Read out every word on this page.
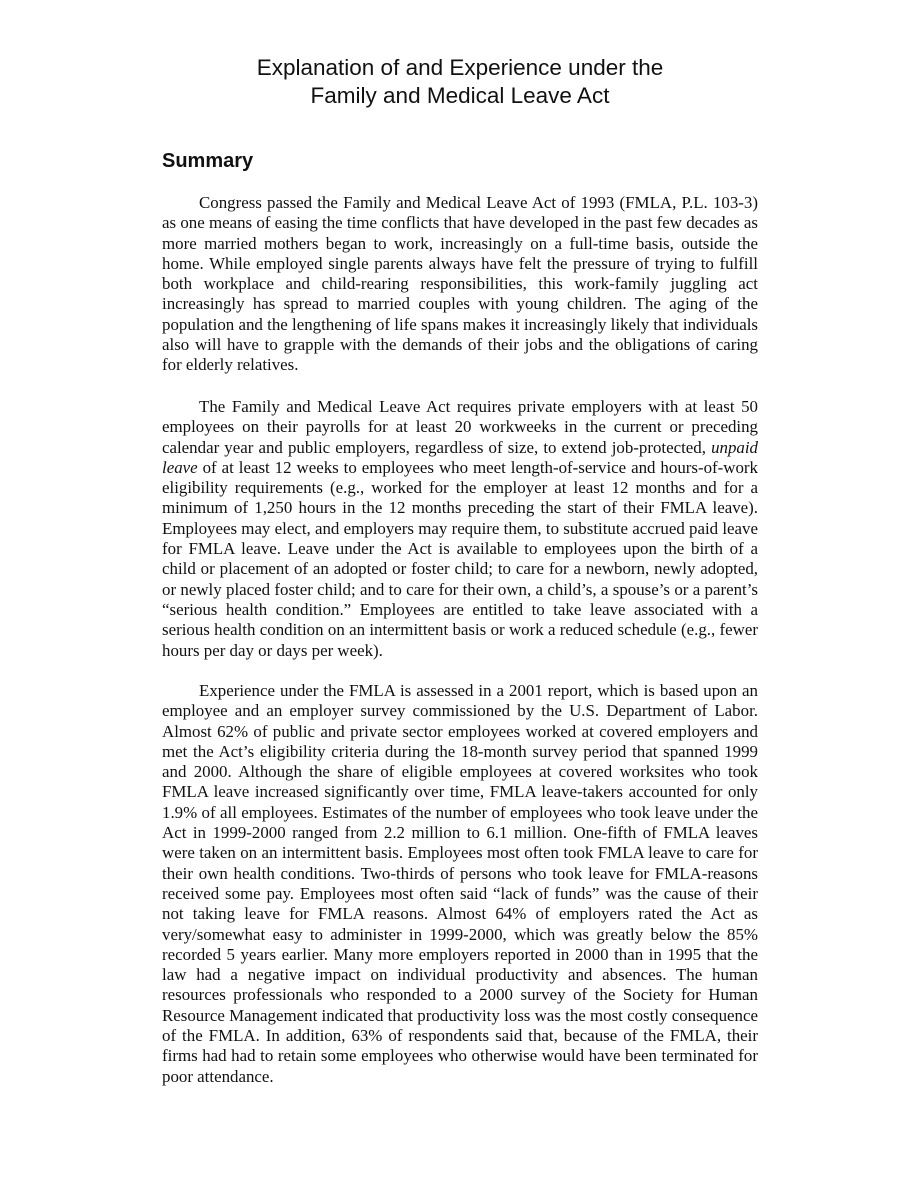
Explanation of and Experience under the
Family and Medical Leave Act
Summary

Congress passed the Family and Medical Leave Act of 1993 (FMLA, P.L. 103-3) as one means of easing the time conflicts that have developed in the past few decades as more married mothers began to work, increasingly on a full-time basis, outside the home. While employed single parents always have felt the pressure of trying to fulfill both workplace and child-rearing responsibilities, this work-family juggling act increasingly has spread to married couples with young children. The aging of the population and the lengthening of life spans makes it increasingly likely that individuals also will have to grapple with the demands of their jobs and the obligations of caring for elderly relatives.

The Family and Medical Leave Act requires private employers with at least 50 employees on their payrolls for at least 20 workweeks in the current or preceding calendar year and public employers, regardless of size, to extend job-protected, unpaid leave of at least 12 weeks to employees who meet length-of-service and hours-of-work eligibility requirements (e.g., worked for the employer at least 12 months and for a minimum of 1,250 hours in the 12 months preceding the start of their FMLA leave). Employees may elect, and employers may require them, to substitute accrued paid leave for FMLA leave. Leave under the Act is available to employees upon the birth of a child or placement of an adopted or foster child; to care for a newborn, newly adopted, or newly placed foster child; and to care for their own, a child’s, a spouse’s or a parent’s “serious health condition.” Employees are entitled to take leave associated with a serious health condition on an intermittent basis or work a reduced schedule (e.g., fewer hours per day or days per week).

Experience under the FMLA is assessed in a 2001 report, which is based upon an employee and an employer survey commissioned by the U.S. Department of Labor. Almost 62% of public and private sector employees worked at covered employers and met the Act’s eligibility criteria during the 18-month survey period that spanned 1999 and 2000. Although the share of eligible employees at covered worksites who took FMLA leave increased significantly over time, FMLA leave-takers accounted for only 1.9% of all employees. Estimates of the number of employees who took leave under the Act in 1999-2000 ranged from 2.2 million to 6.1 million. One-fifth of FMLA leaves were taken on an intermittent basis. Employees most often took FMLA leave to care for their own health conditions. Two-thirds of persons who took leave for FMLA-reasons received some pay. Employees most often said “lack of funds” was the cause of their not taking leave for FMLA reasons. Almost 64% of employers rated the Act as very/somewhat easy to administer in 1999-2000, which was greatly below the 85% recorded 5 years earlier. Many more employers reported in 2000 than in 1995 that the law had a negative impact on individual productivity and absences. The human resources professionals who responded to a 2000 survey of the Society for Human Resource Management indicated that productivity loss was the most costly consequence of the FMLA. In addition, 63% of respondents said that, because of the FMLA, their firms had had to retain some employees who otherwise would have been terminated for poor attendance.
